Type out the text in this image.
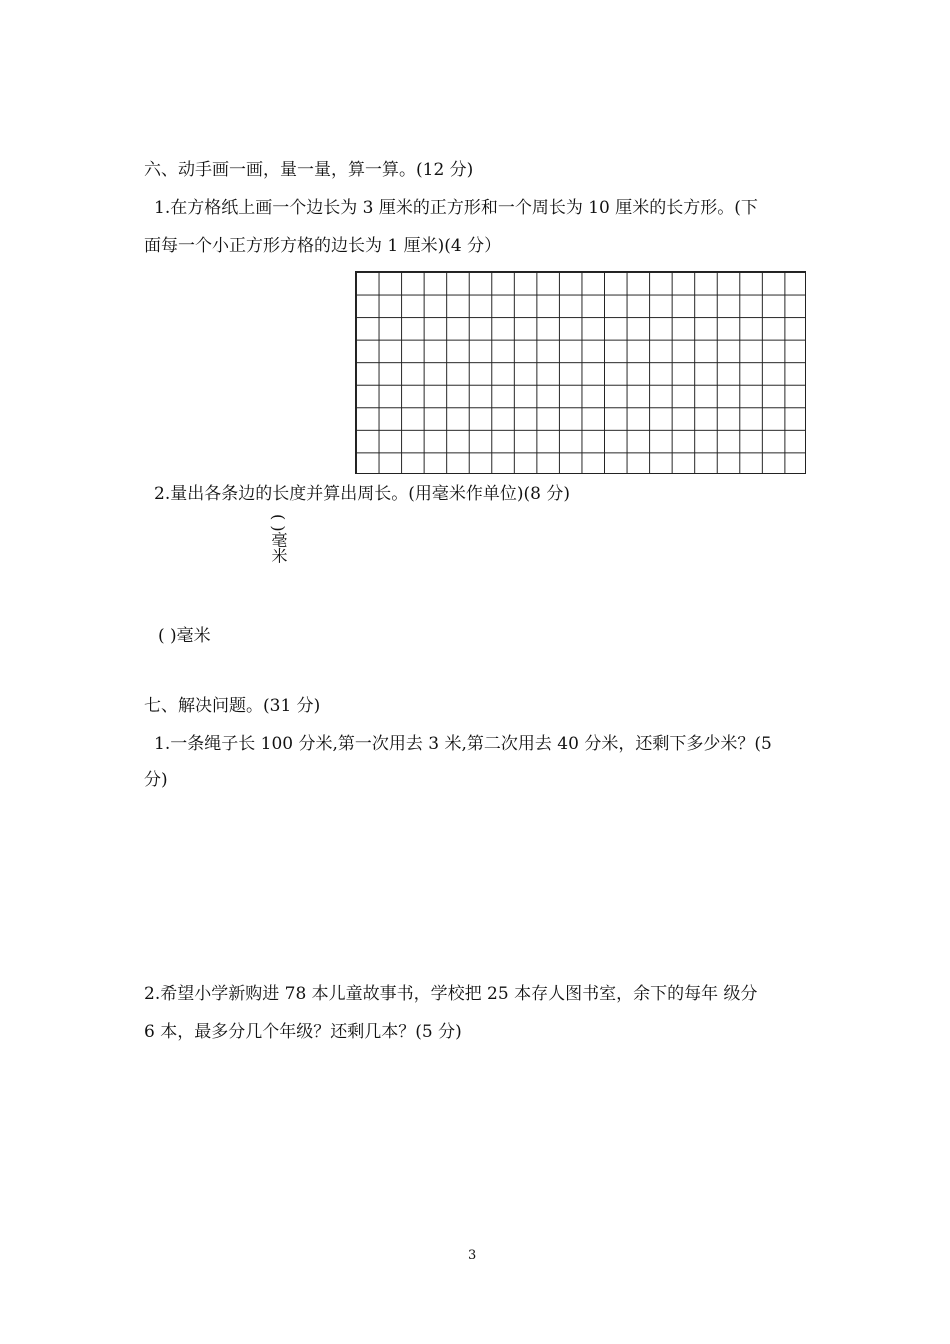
六、动手画一画，量一量，算一算。(12 分)
1.在方格纸上画一个边长为 3 厘米的正方形和一个周长为 10 厘米的长方形。(下
面每一个小正方形方格的边长为 1 厘米)(4 分）
2.量出各条边的长度并算出周长。(用毫米作单位)(8 分)
( )毫米
( )毫米
七、解决问题。(31 分)
1.一条绳子长 100 分米,第一次用去 3 米,第二次用去 40 分米，还剩下多少米？(5
分)
2.希望小学新购进 78 本儿童故事书，学校把 25 本存人图书室，余下的每年 级分
6 本，最多分几个年级？还剩几本？(5 分)
3
